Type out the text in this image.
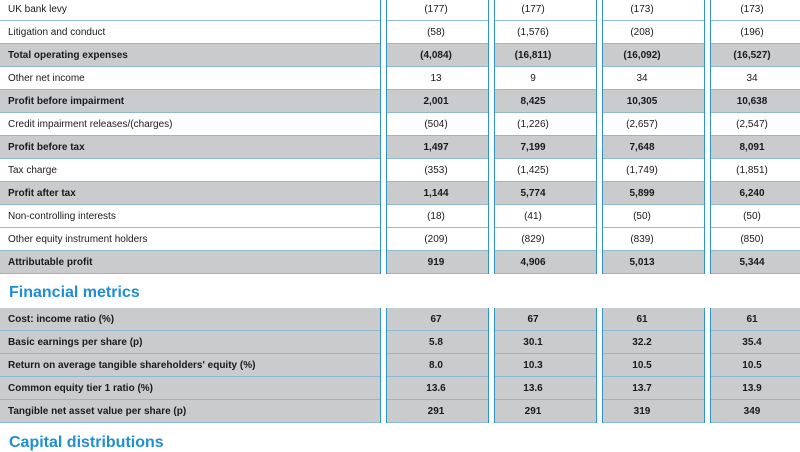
UK bank levy	(177)	(177)	(173)	(173)
Litigation and conduct	(58)	(1,576)	(208)	(196)
Total operating expenses	(4,084)	(16,811)	(16,092)	(16,527)
Other net income	13	9	34	34
Profit before impairment	2,001	8,425	10,305	10,638
Credit impairment releases/(charges)	(504)	(1,226)	(2,657)	(2,547)
Profit before tax	1,497	7,199	7,648	8,091
Tax charge	(353)	(1,425)	(1,749)	(1,851)
Profit after tax	1,144	5,774	5,899	6,240
Non-controlling interests	(18)	(41)	(50)	(50)
Other equity instrument holders	(209)	(829)	(839)	(850)
Attributable profit	919	4,906	5,013	5,344
Financial metrics
Cost: income ratio (%)	67	67	61	61
Basic earnings per share (p)	5.8	30.1	32.2	35.4
Return on average tangible shareholders' equity (%)	8.0	10.3	10.5	10.5
Common equity tier 1 ratio (%)	13.6	13.6	13.7	13.9
Tangible net asset value per share (p)	291	291	319	349
Capital distributions
